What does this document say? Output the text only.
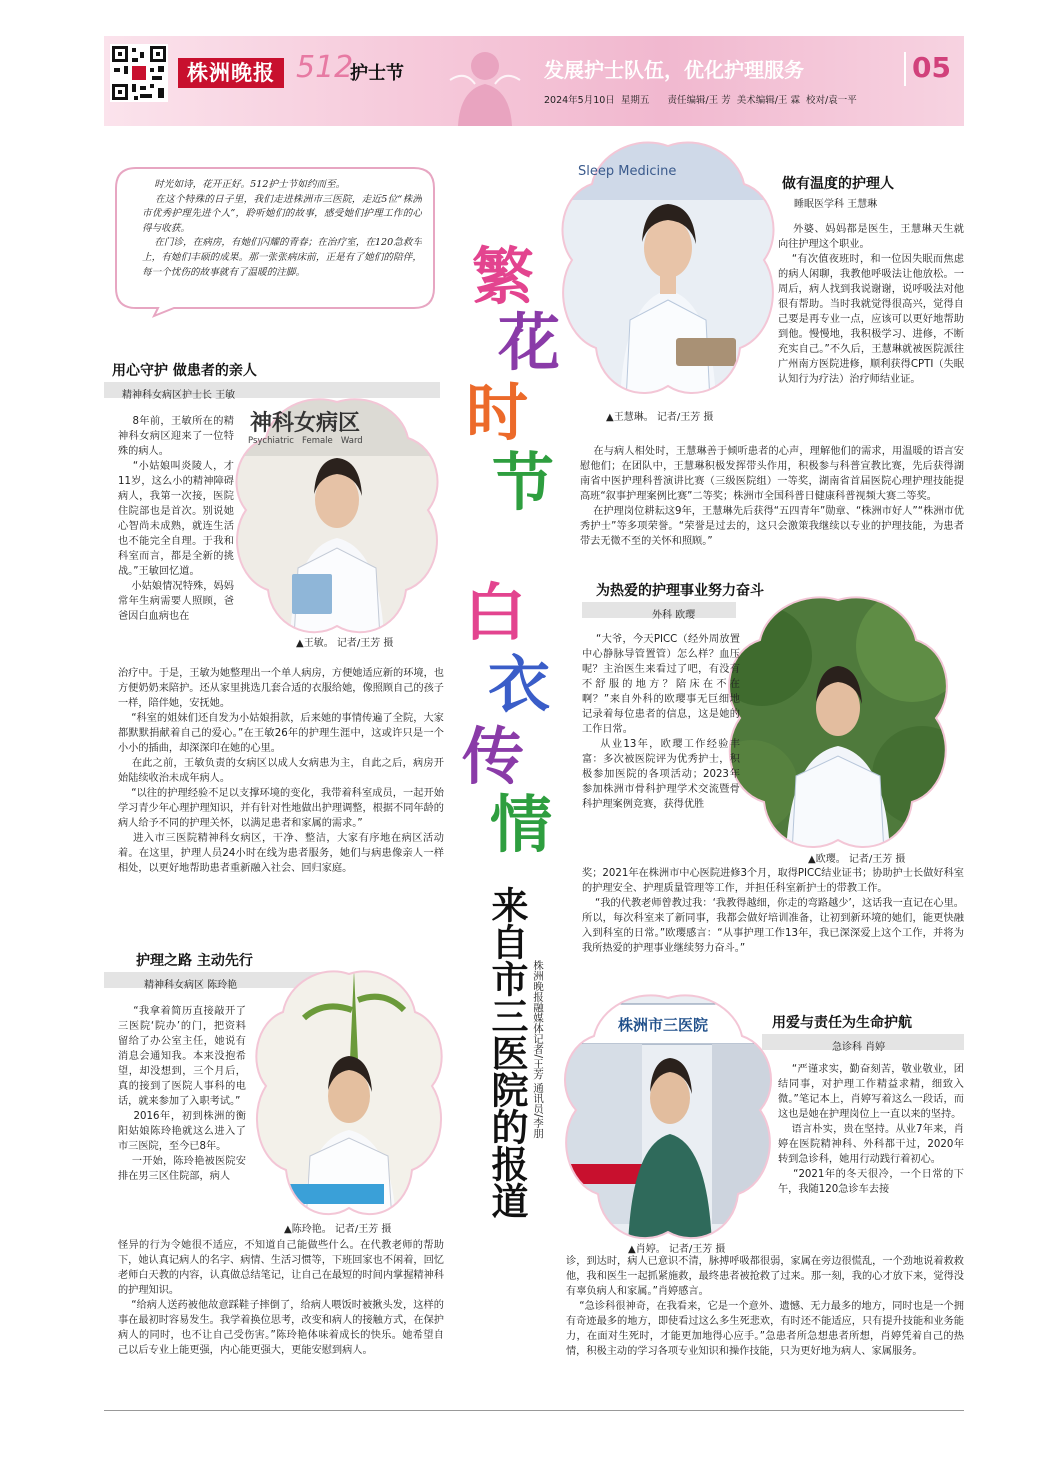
株洲晚报 512
护士节	发展护士队伍，优化护理服务	05
2024年5月10日  星期五      责任编辑/王 芳  美术编辑/王 霖  校对/袁一平
时光如诗，花开正好。512护士节如约而至。
在这个特殊的日子里，我们走进株洲市三医院，走近5位“株洲市优秀护理先进个人”，聆听她们的故事，感受她们护理工作的心得与收获。
在门诊，在病房，有她们闪耀的青春；在治疗室，在120急救车上，有她们丰硕的成果。那一张张病床前，正是有了她们的陪伴，每一个忧伤的故事就有了温暖的注脚。	繁
花
时
节
白
衣
传
情
来自市三医院的报道 株洲晚报融媒体记者/王芳 通讯员/李朋
Sleep Medicine
做有温度的护理人
睡眠医学科 王慧琳
外婆、妈妈都是医生，王慧琳天生就向往护理这个职业。
“有次值夜班时，和一位因失眠而焦虑的病人闲聊，我教他呼吸法让他放松。一周后，病人找到我说谢谢，说呼吸法对他很有帮助。当时我就觉得很高兴，觉得自己要是再专业一点，应该可以更好地帮助到他。慢慢地，我积极学习、进修，不断充实自己。”不久后，王慧琳就被医院派往广州南方医院进修，顺利获得CPTI（失眠认知行为疗法）治疗师结业证。
▲王慧琳。 记者/王芳 摄
在与病人相处时，王慧琳善于倾听患者的心声，理解他们的需求，用温暖的语言安慰他们；在团队中，王慧琳积极发挥带头作用，积极参与科普宣教比赛，先后获得湖南省中医护理科普演讲比赛（三级医院组）一等奖，湖南省首届医院心理护理技能提高班“叙事护理案例比赛”二等奖；株洲市全国科普日健康科普视频大赛二等奖。
在护理岗位耕耘这9年，王慧琳先后获得“五四青年”勋章、“株洲市好人”“株洲市优秀护士”等多项荣誉。“荣誉是过去的，这只会激策我继续以专业的护理技能，为患者带去无微不至的关怀和照顾。”
用心守护 做患者的亲人
精神科女病区护士长 王敏
神科女病区
Psychiatric   Female   Ward
8年前，王敏所在的精神科女病区迎来了一位特殊的病人。
“小姑娘叫炎陵人，才11岁，这么小的精神障碍病人，我第一次接，医院住院部也是首次。别说她心智尚未成熟，就连生活也不能完全自理。于我和科室而言，都是全新的挑战。”王敏回忆道。
小姑娘情况特殊，妈妈常年生病需要人照顾，爸爸因白血病也在
▲王敏。 记者/王芳 摄
治疗中。于是，王敏为她整理出一个单人病房，方便她适应新的环境，也方便奶奶来陪护。还从家里挑选几套合适的衣服给她，像照顾自己的孩子一样，陪伴她，安抚她。
“科室的姐妹们还自发为小姑娘捐款，后来她的事情传遍了全院，大家都默默捐献着自己的爱心。”在王敏26年的护理生涯中，这或许只是一个小小的插曲，却深深印在她的心里。
在此之前，王敏负责的女病区以成人女病患为主，自此之后，病房开始陆续收治未成年病人。
“以往的护理经验不足以支撑环境的变化，我带着科室成员，一起开始学习青少年心理护理知识，并有针对性地做出护理调整，根据不同年龄的病人给予不同的护理关怀，以满足患者和家属的需求。”
进入市三医院精神科女病区，干净、整洁，大家有序地在病区活动着。在这里，护理人员24小时在线为患者服务，她们与病患像亲人一样相处，以更好地帮助患者重新融入社会、回归家庭。
为热爱的护理事业努力奋斗
外科 欧璎
“大爷，今天PICC（经外周放置中心静脉导管置管）怎么样？血压呢？主治医生来看过了吧，有没有不舒服的地方？陪床在不在啊？”来自外科的欧璎事无巨细地记录着每位患者的信息，这是她的工作日常。
从业13年，欧璎工作经验丰富：多次被医院评为优秀护士，积极参加医院的各项活动；2023年参加株洲市骨科护理学术交流暨骨科护理案例竞赛，获得优胜
▲欧璎。 记者/王芳 摄
奖；2021年在株洲市中心医院进修3个月，取得PICC结业证书；协助护士长做好科室的护理安全、护理质量管理等工作，并担任科室新护士的带教工作。
“我的代教老师曾教过我：‘我教得越细，你走的弯路越少’，这话我一直记在心里。所以，每次科室来了新同事，我都会做好培训准备，让初到新环境的她们，能更快融入到科室的日常。”欧璎感言：“从事护理工作13年，我已深深爱上这个工作，并将为我所热爱的护理事业继续努力奋斗。”
护理之路 主动先行
精神科女病区 陈玲艳
“我拿着简历直接敲开了三医院‘院办’的门，把资料留给了办公室主任，她说有消息会通知我。本来没抱希望，却没想到，三个月后，真的接到了医院人事科的电话，就来参加了入职考试。”
2016年，初到株洲的衡阳姑娘陈玲艳就这么进入了市三医院，至今已8年。
一开始，陈玲艳被医院安排在男三区住院部，病人
▲陈玲艳。 记者/王芳 摄
怪异的行为令她很不适应，不知道自己能做些什么。在代教老师的帮助下，她认真记病人的名字、病情、生活习惯等，下班回家也不闲着，回忆老师白天教的内容，认真做总结笔记，让自己在最短的时间内掌握精神科的护理知识。
“给病人送药被他故意踩鞋子摔倒了，给病人喂饭时被揪头发，这样的事在最初时容易发生。我学着换位思考，改变和病人的接触方式，在保护病人的同时，也不让自己受伤害。”陈玲艳体味着成长的快乐。她希望自己以后专业上能更强，内心能更强大，更能安慰到病人。
株洲市三医院	用爱与责任为生命护航
急诊科 肖婷
“严谨求实，勤奋刻苦，敬业敬业，团结同事，对护理工作精益求精，细致入微。”笔记本上，肖婷写着这么一段话，而这也是她在护理岗位上一直以来的坚持。
语言朴实，贵在坚持。从业7年来，肖婷在医院精神科、外科都干过，2020年转到急诊科，她用行动践行着初心。
“2021年的冬天很冷，一个日常的下午，我随120急诊车去接
▲肖婷。 记者/王芳 摄
诊，到达时，病人已意识不清，脉搏呼吸都很弱，家属在旁边很慌乱，一个劲地说着救救他，我和医生一起抓紧施救，最终患者被抢救了过来。那一刻，我的心才放下来，觉得没有辜负病人和家属。”肖婷感言。
“急诊科很神奇，在我看来，它是一个意外、遗憾、无力最多的地方，同时也是一个拥有奇迹最多的地方，即使看过这么多生死悲欢，有时还不能适应，只有提升技能和业务能力，在面对生死时，才能更加地得心应手。”急患者所急想患者所想，肖婷凭着自己的热情，积极主动的学习各项专业知识和操作技能，只为更好地为病人、家属服务。
